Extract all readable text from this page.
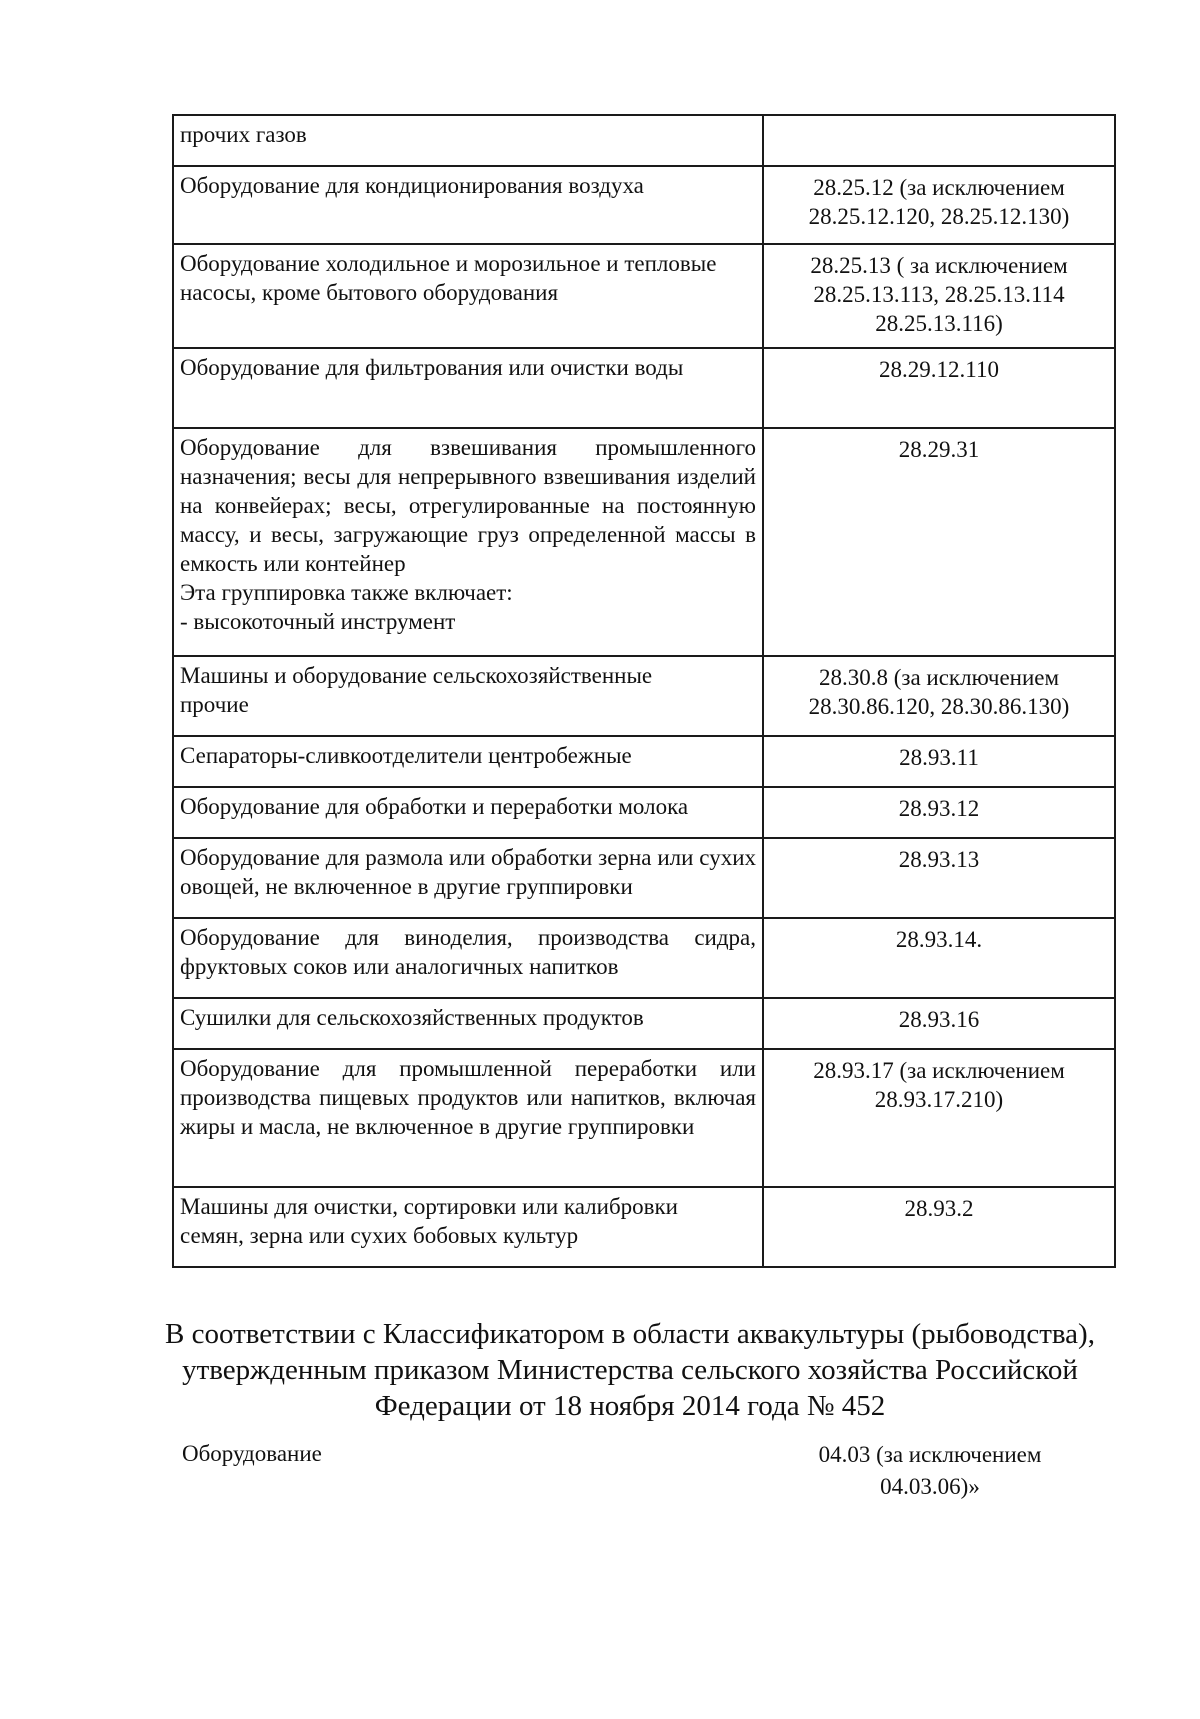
прочих газов	

Оборудование для кондиционирования воздуха	28.25.12 (за исключением
28.25.12.120, 28.25.12.130)

Оборудование холодильное и морозильное и тепловые насосы, кроме бытового оборудования	28.25.13 ( за исключением
28.25.13.113, 28.25.13.114
28.25.13.116)

Оборудование для фильтрования или очистки воды	28.29.12.110

Оборудование для взвешивания промышленного назначения; весы для непрерывного взвешивания изделий на конвейерах; весы, отрегулированные на постоянную массу, и весы, загружающие груз определенной массы в емкость или контейнер
Эта группировка также включает:
- высокоточный инструмент	28.29.31

Машины и оборудование сельскохозяйственные прочие	28.30.8 (за исключением
28.30.86.120, 28.30.86.130)

Сепараторы-сливкоотделители центробежные	28.93.11

Оборудование для обработки и переработки молока	28.93.12

Оборудование для размола или обработки зерна или сухих овощей, не включенное в другие группировки	28.93.13

Оборудование для виноделия, производства сидра, фруктовых соков или аналогичных напитков	28.93.14.

Сушилки для сельскохозяйственных продуктов	28.93.16

Оборудование для промышленной переработки или производства пищевых продуктов или напитков, включая жиры и масла, не включенное в другие группировки	28.93.17 (за исключением
28.93.17.210)

Машины для очистки, сортировки или калибровки семян, зерна или сухих бобовых культур	28.93.2
В соответствии с Классификатором в области аквакультуры (рыбоводства),
утвержденным приказом Министерства сельского хозяйства Российской
Федерации от 18 ноября 2014 года № 452
Оборудование	04.03 (за исключением
04.03.06)»
